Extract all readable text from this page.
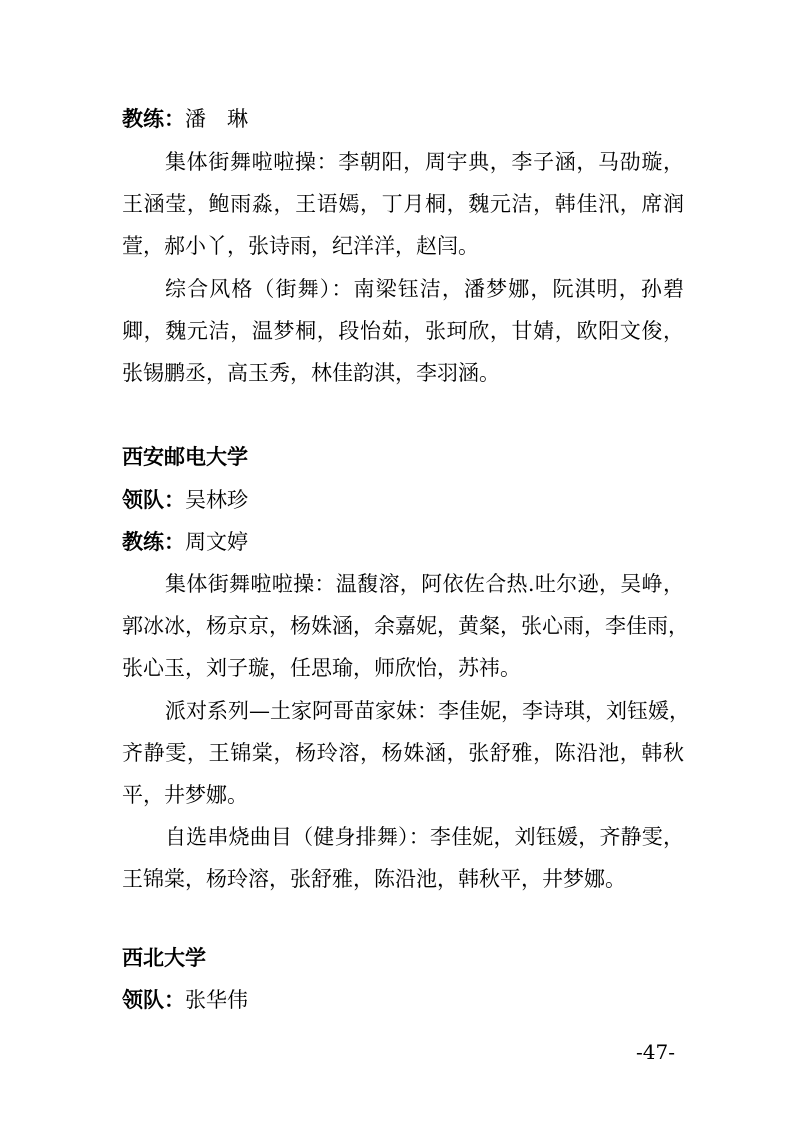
教练：潘　琳
集体街舞啦啦操：李朝阳，周宇典，李子涵，马劭璇，
王涵莹，鲍雨淼，王语嫣，丁月桐，魏元洁，韩佳汛，席润
萱，郝小丫，张诗雨，纪洋洋，赵闫。
综合风格（街舞）：南梁钰洁，潘梦娜，阮淇明，孙碧
卿，魏元洁，温梦桐，段怡茹，张珂欣，甘婧，欧阳文俊，
张锡鹏丞，高玉秀，林佳韵淇，李羽涵。
西安邮电大学
领队：吴林珍
教练：周文婷
集体街舞啦啦操：温馥溶，阿依佐合热.吐尔逊，吴峥，
郭冰冰，杨京京，杨姝涵，余嘉妮，黄粲，张心雨，李佳雨，
张心玉，刘子璇，任思瑜，师欣怡，苏祎。
派对系列—土家阿哥苗家妹：李佳妮，李诗琪，刘钰媛，
齐静雯，王锦棠，杨玲溶，杨姝涵，张舒雅，陈沿池，韩秋
平，井梦娜。
自选串烧曲目（健身排舞）：李佳妮，刘钰媛，齐静雯，
王锦棠，杨玲溶，张舒雅，陈沿池，韩秋平，井梦娜。
西北大学
领队：张华伟
-47-
